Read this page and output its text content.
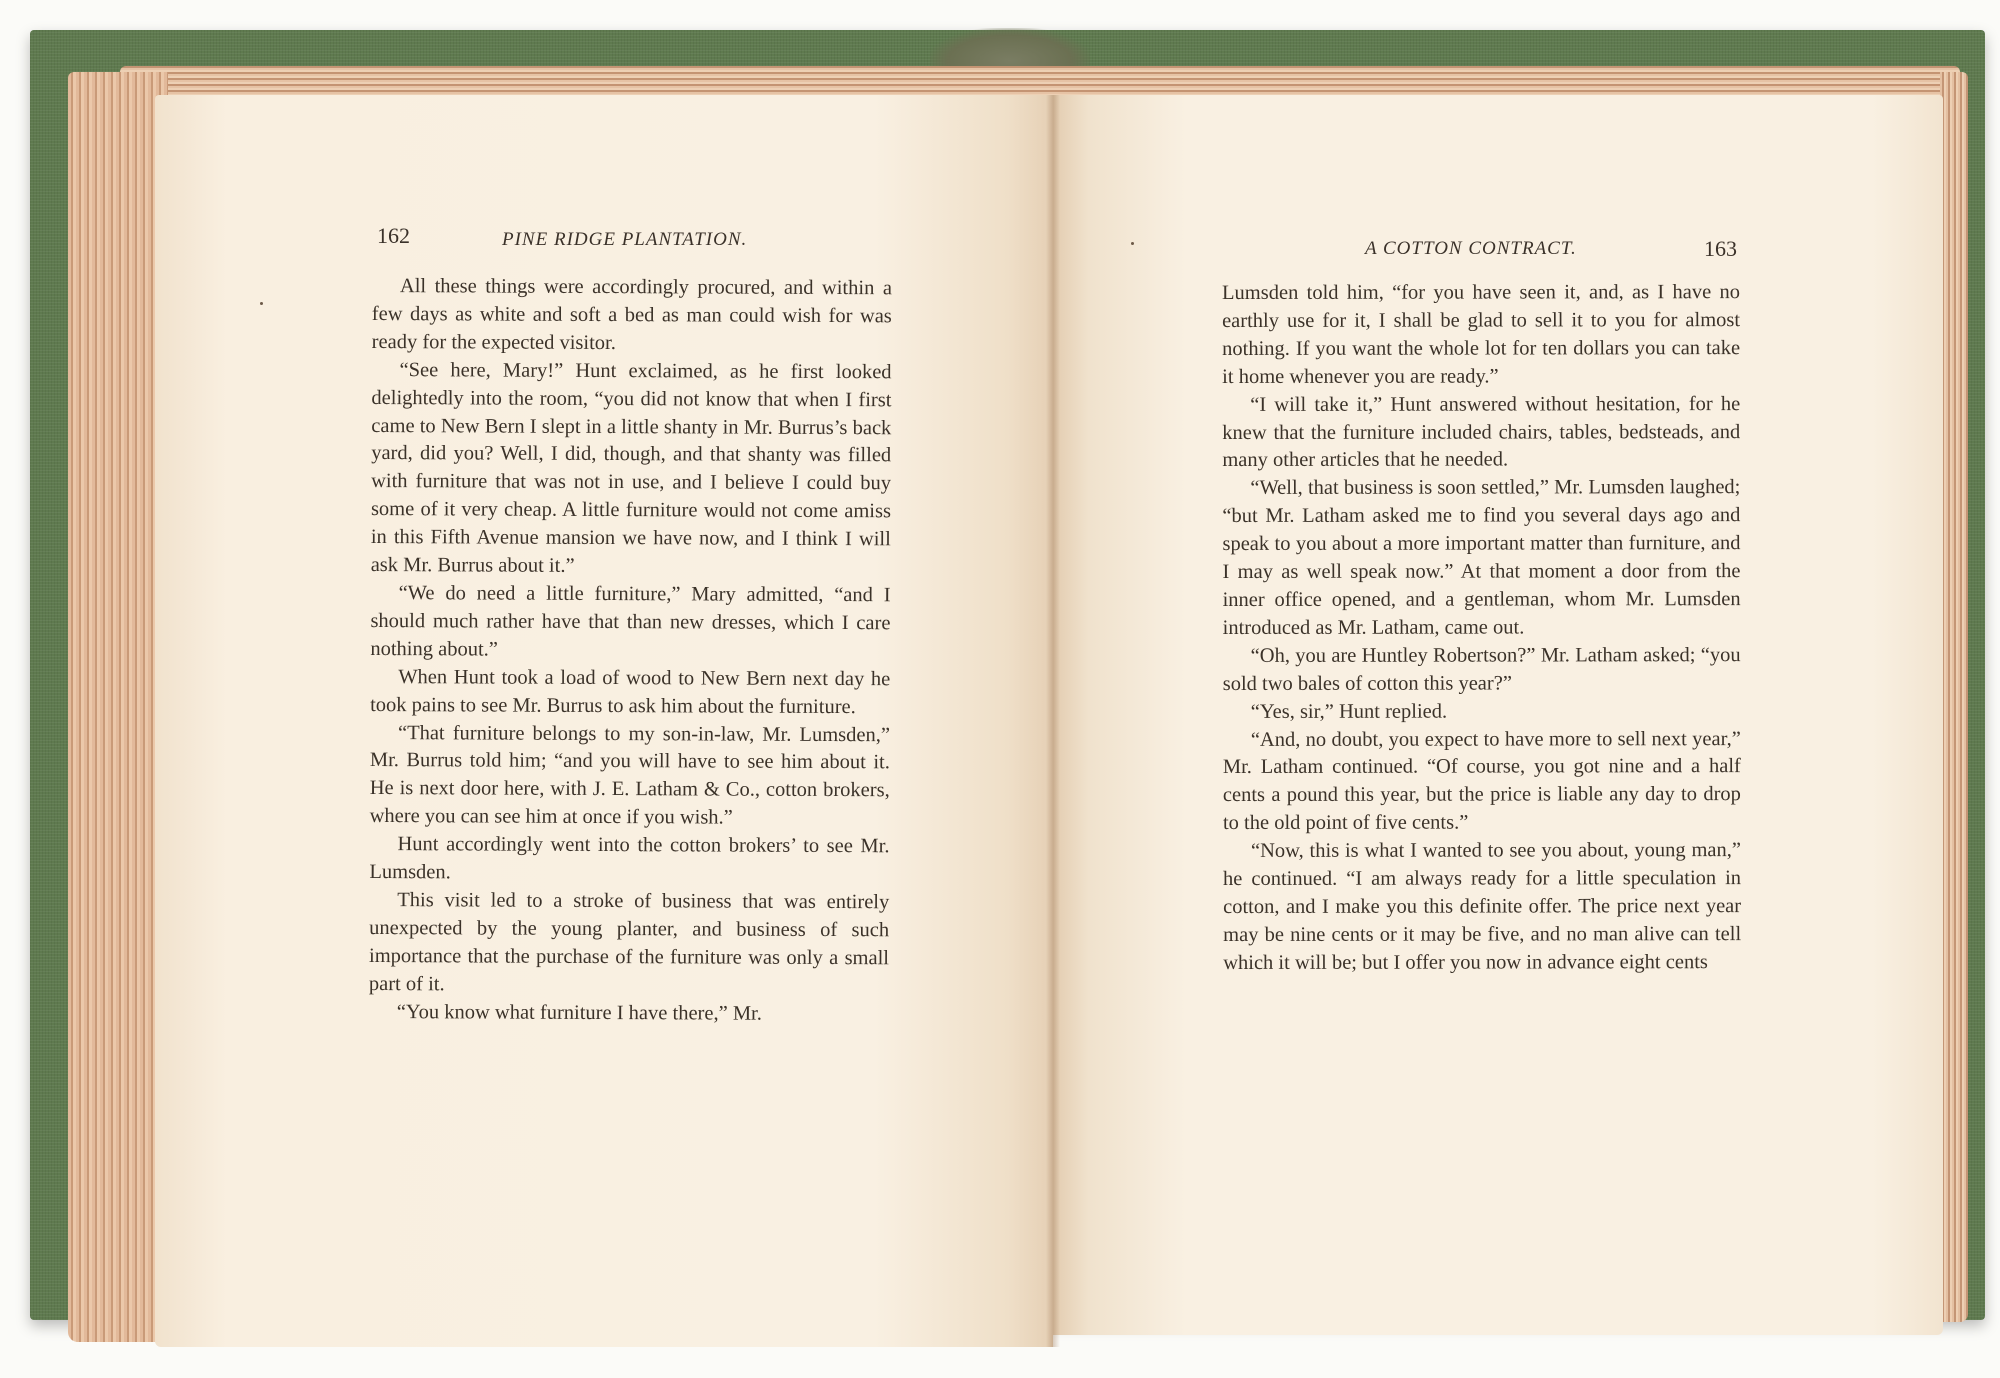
162	PINE RIDGE PLANTATION.	A COTTON CONTRACT.	163

All these things were accordingly procured, and within a few days as white and soft a bed as man could wish for was ready for the expected visitor.

“See here, Mary!” Hunt exclaimed, as he first looked delightedly into the room, “you did not know that when I first came to New Bern I slept in a little shanty in Mr. Burrus’s back yard, did you? Well, I did, though, and that shanty was filled with furniture that was not in use, and I believe I could buy some of it very cheap. A little furniture would not come amiss in this Fifth Avenue mansion we have now, and I think I will ask Mr. Burrus about it.”

“We do need a little furniture,” Mary admitted, “and I should much rather have that than new dresses, which I care nothing about.”

When Hunt took a load of wood to New Bern next day he took pains to see Mr. Burrus to ask him about the furniture.

“That furniture belongs to my son-in-law, Mr. Lumsden,” Mr. Burrus told him; “and you will have to see him about it. He is next door here, with J. E. Latham & Co., cotton brokers, where you can see him at once if you wish.”

Hunt accordingly went into the cotton brokers’ to see Mr. Lumsden.

This visit led to a stroke of business that was entirely unexpected by the young planter, and business of such importance that the purchase of the furniture was only a small part of it.

“You know what furniture I have there,” Mr.

Lumsden told him, “for you have seen it, and, as I have no earthly use for it, I shall be glad to sell it to you for almost nothing. If you want the whole lot for ten dollars you can take it home whenever you are ready.”

“I will take it,” Hunt answered without hesitation, for he knew that the furniture included chairs, tables, bedsteads, and many other articles that he needed.

“Well, that business is soon settled,” Mr. Lumsden laughed; “but Mr. Latham asked me to find you several days ago and speak to you about a more important matter than furniture, and I may as well speak now.” At that moment a door from the inner office opened, and a gentleman, whom Mr. Lumsden introduced as Mr. Latham, came out.

“Oh, you are Huntley Robertson?” Mr. Latham asked; “you sold two bales of cotton this year?”

“Yes, sir,” Hunt replied.

“And, no doubt, you expect to have more to sell next year,” Mr. Latham continued. “Of course, you got nine and a half cents a pound this year, but the price is liable any day to drop to the old point of five cents.”

“Now, this is what I wanted to see you about, young man,” he continued. “I am always ready for a little speculation in cotton, and I make you this definite offer. The price next year may be nine cents or it may be five, and no man alive can tell which it will be; but I offer you now in advance eight cents
